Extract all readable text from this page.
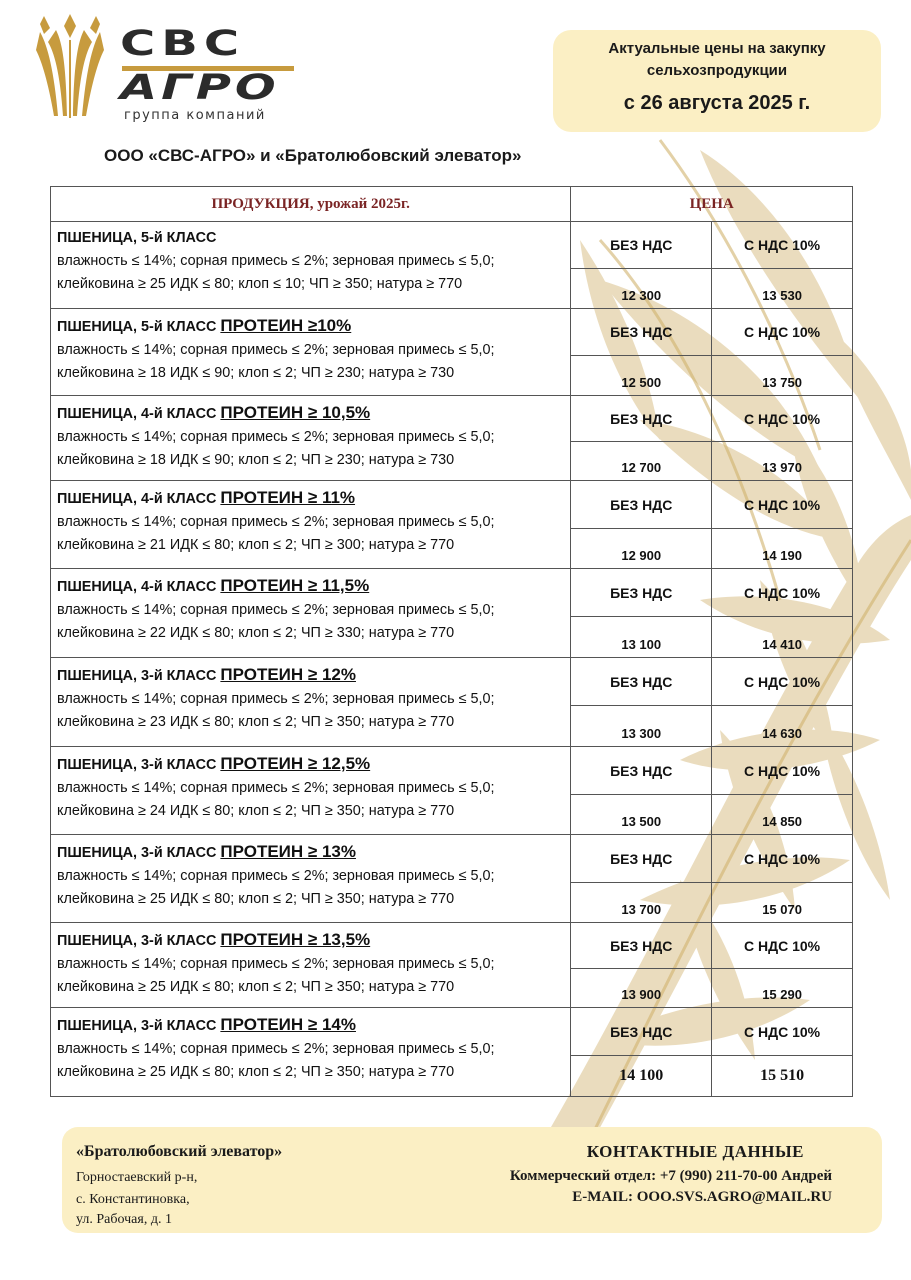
СВС
АГРО
группа компаний
Актуальные цены на закупку
сельхозпродукции
с 26 августа 2025 г.
ООО «СВС-АГРО» и «Братолюбовский элеватор»
ПРОДУКЦИЯ, урожай 2025г.	ЦЕНА	

ПШЕНИЦА, 5-й КЛАСС
влажность ≤ 14%; сорная примесь ≤ 2%; зерновая примесь ≤ 5,0;
клейковина ≥ 25 ИДК ≤ 80; клоп ≤ 10; ЧП ≥ 350; натура ≥ 770	БЕЗ НДС	С НДС 10%
	12 300	13 530

ПШЕНИЦА, 5-й КЛАСС ПРОТЕИН ≥10%
влажность ≤ 14%; сорная примесь ≤ 2%; зерновая примесь ≤ 5,0;
клейковина ≥ 18 ИДК ≤ 90; клоп ≤ 2; ЧП ≥ 230; натура ≥ 730	БЕЗ НДС	С НДС 10%
	12 500	13 750

ПШЕНИЦА, 4-й КЛАСС ПРОТЕИН ≥ 10,5%
влажность ≤ 14%; сорная примесь ≤ 2%; зерновая примесь ≤ 5,0;
клейковина ≥ 18 ИДК ≤ 90; клоп ≤ 2; ЧП ≥ 230; натура ≥ 730	БЕЗ НДС	С НДС 10%
	12 700	13 970

ПШЕНИЦА, 4-й КЛАСС ПРОТЕИН ≥ 11%
влажность ≤ 14%; сорная примесь ≤ 2%; зерновая примесь ≤ 5,0;
клейковина ≥ 21 ИДК ≤ 80; клоп ≤ 2; ЧП ≥ 300; натура ≥ 770	БЕЗ НДС	С НДС 10%
	12 900	14 190

ПШЕНИЦА, 4-й КЛАСС ПРОТЕИН ≥ 11,5%
влажность ≤ 14%; сорная примесь ≤ 2%; зерновая примесь ≤ 5,0;
клейковина ≥ 22 ИДК ≤ 80; клоп ≤ 2; ЧП ≥ 330; натура ≥ 770	БЕЗ НДС	С НДС 10%
	13 100	14 410

ПШЕНИЦА, 3-й КЛАСС ПРОТЕИН ≥ 12%
влажность ≤ 14%; сорная примесь ≤ 2%; зерновая примесь ≤ 5,0;
клейковина ≥ 23 ИДК ≤ 80; клоп ≤ 2; ЧП ≥ 350; натура ≥ 770	БЕЗ НДС	С НДС 10%
	13 300	14 630

ПШЕНИЦА, 3-й КЛАСС ПРОТЕИН ≥ 12,5%
влажность ≤ 14%; сорная примесь ≤ 2%; зерновая примесь ≤ 5,0;
клейковина ≥ 24 ИДК ≤ 80; клоп ≤ 2; ЧП ≥ 350; натура ≥ 770	БЕЗ НДС	С НДС 10%
	13 500	14 850

ПШЕНИЦА, 3-й КЛАСС ПРОТЕИН ≥ 13%
влажность ≤ 14%; сорная примесь ≤ 2%; зерновая примесь ≤ 5,0;
клейковина ≥ 25 ИДК ≤ 80; клоп ≤ 2; ЧП ≥ 350; натура ≥ 770	БЕЗ НДС	С НДС 10%
	13 700	15 070

ПШЕНИЦА, 3-й КЛАСС ПРОТЕИН ≥ 13,5%
влажность ≤ 14%; сорная примесь ≤ 2%; зерновая примесь ≤ 5,0;
клейковина ≥ 25 ИДК ≤ 80; клоп ≤ 2; ЧП ≥ 350; натура ≥ 770	БЕЗ НДС	С НДС 10%
	13 900	15 290

ПШЕНИЦА, 3-й КЛАСС ПРОТЕИН ≥ 14%
влажность ≤ 14%; сорная примесь ≤ 2%; зерновая примесь ≤ 5,0;
клейковина ≥ 25 ИДК ≤ 80; клоп ≤ 2; ЧП ≥ 350; натура ≥ 770	БЕЗ НДС	С НДС 10%
	14 100	15 510
«Братолюбовский элеватор»
Горностаевский р-н,
с. Константиновка,
ул. Рабочая, д. 1
КОНТАКТНЫЕ ДАННЫЕ
Коммерческий отдел: +7 (990) 211-70-00 Андрей
E-MAIL: OOO.SVS.AGRO@MAIL.RU
